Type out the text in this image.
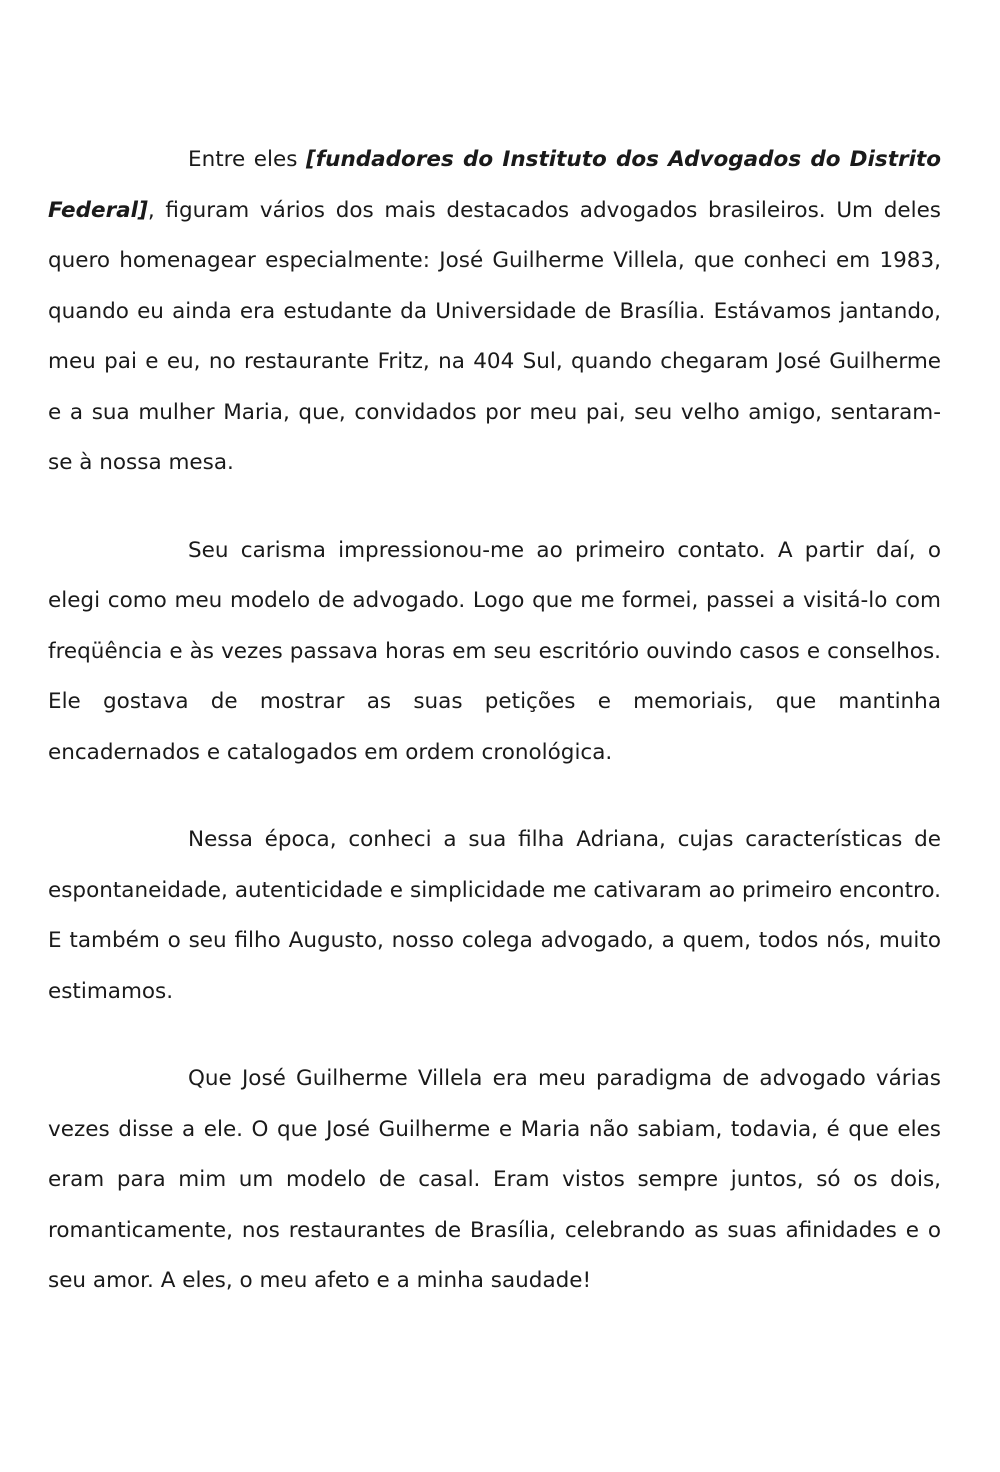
Entre eles [fundadores do Instituto dos Advogados do Distrito Federal], figuram vários dos mais destacados advogados brasileiros. Um deles quero homenagear especialmente: José Guilherme Villela, que conheci em 1983, quando eu ainda era estudante da Universidade de Brasília. Estávamos jantando, meu pai e eu, no restaurante Fritz, na 404 Sul, quando chegaram José Guilherme e a sua mulher Maria, que, convidados por meu pai, seu velho amigo, sentaram-se à nossa mesa.

Seu carisma impressionou-me ao primeiro contato. A partir daí, o elegi como meu modelo de advogado. Logo que me formei, passei a visitá-lo com freqüência e às vezes passava horas em seu escritório ouvindo casos e conselhos. Ele gostava de mostrar as suas petições e memoriais, que mantinha encadernados e catalogados em ordem cronológica.

Nessa época, conheci a sua filha Adriana, cujas características de espontaneidade, autenticidade e simplicidade me cativaram ao primeiro encontro. E também o seu filho Augusto, nosso colega advogado, a quem, todos nós, muito estimamos.

Que José Guilherme Villela era meu paradigma de advogado várias vezes disse a ele. O que José Guilherme e Maria não sabiam, todavia, é que eles eram para mim um modelo de casal. Eram vistos sempre juntos, só os dois, romanticamente, nos restaurantes de Brasília, celebrando as suas afinidades e o seu amor. A eles, o meu afeto e a minha saudade!
